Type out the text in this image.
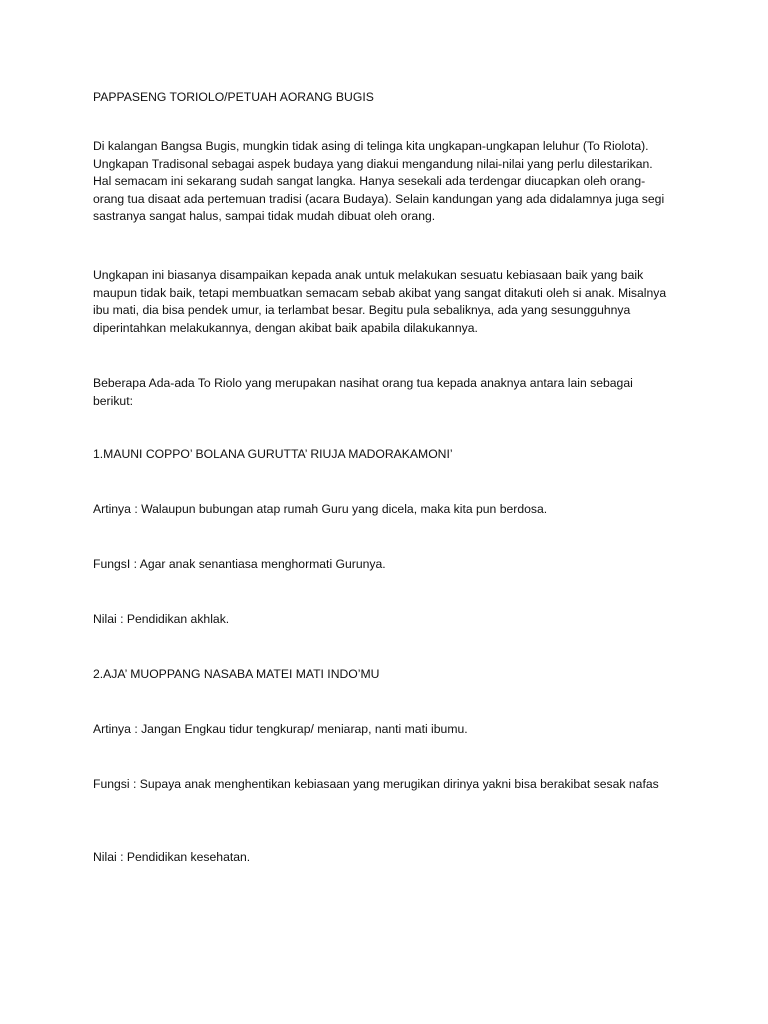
PAPPASENG TORIOLO/PETUAH AORANG BUGIS

Di kalangan Bangsa Bugis, mungkin tidak asing di telinga kita ungkapan-ungkapan leluhur (To Riolota). Ungkapan Tradisonal sebagai aspek budaya yang diakui mengandung nilai-nilai yang perlu dilestarikan. Hal semacam ini sekarang sudah sangat langka. Hanya sesekali ada terdengar diucapkan oleh orang-orang tua disaat ada pertemuan tradisi (acara Budaya). Selain kandungan yang ada didalamnya juga segi sastranya sangat halus, sampai tidak mudah dibuat oleh orang.

Ungkapan ini biasanya disampaikan kepada anak untuk melakukan sesuatu kebiasaan baik yang baik maupun tidak baik, tetapi membuatkan semacam sebab akibat yang sangat ditakuti oleh si anak. Misalnya ibu mati, dia bisa pendek umur, ia terlambat besar. Begitu pula sebaliknya, ada yang sesungguhnya diperintahkan melakukannya, dengan akibat baik apabila dilakukannya.

Beberapa Ada-ada To Riolo yang merupakan nasihat orang tua kepada anaknya antara lain sebagai berikut:

1.MAUNI COPPO’ BOLANA GURUTTA’ RIUJA MADORAKAMONI’

Artinya : Walaupun bubungan atap rumah Guru yang dicela, maka kita pun berdosa.

FungsI : Agar anak senantiasa menghormati Gurunya.

Nilai : Pendidikan akhlak.

2.AJA’ MUOPPANG NASABA MATEI MATI INDO’MU

Artinya : Jangan Engkau tidur tengkurap/ meniarap, nanti mati ibumu.

Fungsi : Supaya anak menghentikan kebiasaan yang merugikan dirinya yakni bisa berakibat sesak nafas

Nilai : Pendidikan kesehatan.
